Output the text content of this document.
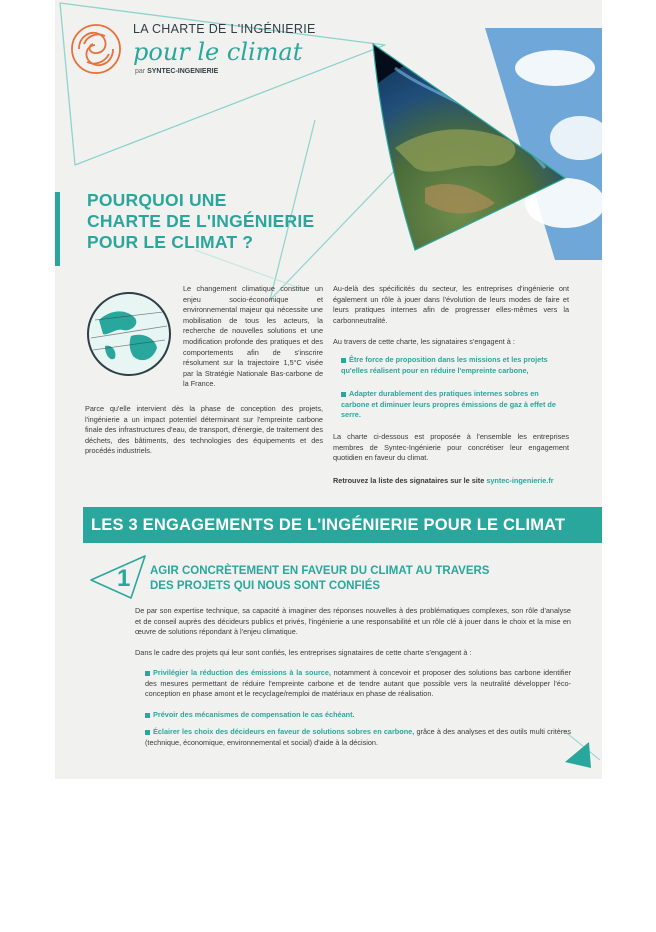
LA CHARTE DE L'INGÉNIERIE
pour le climat
par SYNTEC-INGENIERIE
POURQUOI UNE
CHARTE DE L'INGÉNIERIE
POUR LE CLIMAT ?
Le changement climatique constitue un enjeu socio-économique et environnemental majeur qui nécessite une mobilisation de tous les acteurs, la recherche de nouvelles solutions et une modification profonde des pratiques et des comportements afin de s'inscrire résolument sur la trajectoire 1,5°C visée par la Stratégie Nationale Bas-carbone de la France.
Parce qu'elle intervient dès la phase de conception des projets, l'ingénierie a un impact potentiel déterminant sur l'empreinte carbone finale des infrastructures d'eau, de transport, d'énergie, de traitement des déchets, des bâtiments, des technologies des équipements et des procédés industriels.
Au-delà des spécificités du secteur, les entreprises d'ingénierie ont également un rôle à jouer dans l'évolution de leurs modes de faire et leurs pratiques internes afin de progresser elles-mêmes vers la carbonneutralité.
Au travers de cette charte, les signataires s'engagent à :
Être force de proposition dans les missions et les projets qu'elles réalisent pour en réduire l'empreinte carbone,
Adapter durablement des pratiques internes sobres en carbone et diminuer leurs propres émissions de gaz à effet de serre.
La charte ci-dessous est proposée à l'ensemble les entreprises membres de Syntec-Ingénierie pour concrétiser leur engagement quotidien en faveur du climat.
Retrouvez la liste des signataires sur le site syntec-ingenierie.fr
LES 3 ENGAGEMENTS DE L'INGÉNIERIE POUR LE CLIMAT
1 AGIR CONCRÈTEMENT EN FAVEUR DU CLIMAT AU TRAVERS
DES PROJETS QUI NOUS SONT CONFIÉS
De par son expertise technique, sa capacité à imaginer des réponses nouvelles à des problématiques complexes, son rôle d'analyse et de conseil auprès des décideurs publics et privés, l'ingénierie a une responsabilité et un rôle clé à jouer dans le choix et la mise en œuvre de solutions répondant à l'enjeu climatique.
Dans le cadre des projets qui leur sont confiés, les entreprises signataires de cette charte s'engagent à :
Privilégier la réduction des émissions à la source, notamment à concevoir et proposer des solutions bas carbone identifier des mesures permettant de réduire l'empreinte carbone et de tendre autant que possible vers la neutralité développer l'éco-conception en phase amont et le recyclage/remploi de matériaux en phase de réalisation.
Prévoir des mécanismes de compensation le cas échéant.
Éclairer les choix des décideurs en faveur de solutions sobres en carbone, grâce à des analyses et des outils multi critères (technique, économique, environnemental et social) d'aide à la décision.
